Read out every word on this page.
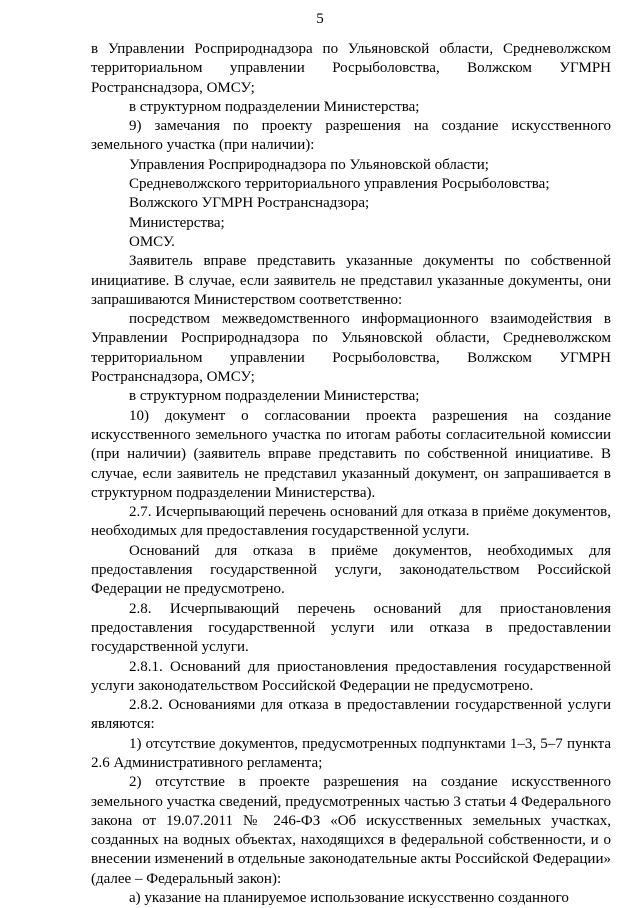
5

в Управлении Росприроднадзора по Ульяновской области, Средневолжском территориальном управлении Росрыболовства, Волжском УГМРН Ространснадзора, ОМСУ;

в структурном подразделении Министерства;

9) замечания по проекту разрешения на создание искусственного земельного участка (при наличии):

Управления Росприроднадзора по Ульяновской области;

Средневолжского территориального управления Росрыболовства;

Волжского УГМРН Ространснадзора;

Министерства;

ОМСУ.

Заявитель вправе представить указанные документы по собственной инициативе. В случае, если заявитель не представил указанные документы, они запрашиваются Министерством соответственно:

посредством межведомственного информационного взаимодействия в Управлении Росприроднадзора по Ульяновской области, Средневолжском территориальном управлении Росрыболовства, Волжском УГМРН Ространснадзора, ОМСУ;

в структурном подразделении Министерства;

10) документ о согласовании проекта разрешения на создание искусственного земельного участка по итогам работы согласительной комиссии (при наличии) (заявитель вправе представить по собственной инициативе. В случае, если заявитель не представил указанный документ, он запрашивается в структурном подразделении Министерства).

2.7. Исчерпывающий перечень оснований для отказа в приёме документов, необходимых для предоставления государственной услуги.

Оснований для отказа в приёме документов, необходимых для предоставления государственной услуги, законодательством Российской Федерации не предусмотрено.

2.8. Исчерпывающий перечень оснований для приостановления предоставления государственной услуги или отказа в предоставлении государственной услуги.

2.8.1. Оснований для приостановления предоставления государственной услуги законодательством Российской Федерации не предусмотрено.

2.8.2. Основаниями для отказа в предоставлении государственной услуги являются:

1) отсутствие документов, предусмотренных подпунктами 1–3, 5–7 пункта 2.6 Административного регламента;

2) отсутствие в проекте разрешения на создание искусственного земельного участка сведений, предусмотренных частью 3 статьи 4 Федерального закона от 19.07.2011 № 246-ФЗ «Об искусственных земельных участках, созданных на водных объектах, находящихся в федеральной собственности, и о внесении изменений в отдельные законодательные акты Российской Федерации» (далее – Федеральный закон):

а) указание на планируемое использование искусственно созданного
